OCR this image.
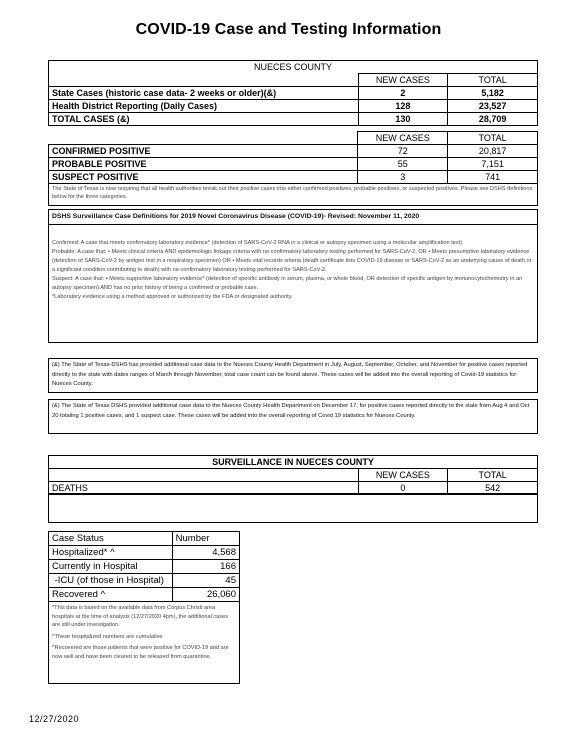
COVID-19 Case and Testing Information
NUECES COUNTY		
	NEW CASES	TOTAL
State Cases (historic case data- 2 weeks or older)(&)	2	5,182
Health District Reporting (Daily Cases)	128	23,527
TOTAL CASES (&)	130	28,709
	NEW CASES	TOTAL
CONFIRMED POSITIVE	72	20,817
PROBABLE POSITIVE	55	7,151
SUSPECT POSITIVE	3	741
The State of Texas is now requiring that all health authorities break out their positive cases into either confirmed positives, probable positives, or suspected positives. Please see DSHS definitions below for the three categories.

DSHS Surveillance Case Definitions for 2019 Novel Coronavirus Disease (COVID-19)- Revised: November 11, 2020

Confirmed: A case that meets confirmatory laboratory evidence* (detection of SARS-CoV-2 RNA in a clinical or autopsy specimen using a molecular amplification test)

Probable: A case that: • Meets clinical criteria AND epidemiologic linkage criteria with no confirmatory laboratory testing performed for SARS-CoV-2, OR • Meets presumptive laboratory evidence (detection of SARS-CoV-2 by antigen test in a respiratory specimen) OR • Meets vital records criteria (death certificate lists COVID-19 disease or SARS-CoV-2 as an underlying cause of death or a significant condition contributing to death) with no confirmatory laboratory testing performed for SARS-CoV-2.

Suspect: A case that: • Meets supportive laboratory evidence* (detection of specific antibody in serum, plasma, or whole blood, OR detection of specific antigen by immunocytochemistry in an autopsy specimen) AND has no prior history of being a confirmed or probable case.

*Laboratory evidence using a method approved or authorized by the FDA or designated authority.

(&) The State of Texas-DSHS has provided additional case data to the Nueces County Health Department in July, August, September, October, and November for positive cases reported directly to the state with dates ranges of March through November, total case count can be found above. These cases will be added into the overall reporting of Covid-19 statistics for Nueces County.
(&) The State of Texas DSHS provided additional case data to the Nueces County Health Department on December 17, for positive cases reported directly to the state from Aug 4 and Oct 20 totaling 1 positive cases, and 1 suspect case. These cases will be added into the overall reporting of Covid 19 statistics for Nueces County.
SURVEILLANCE IN NUECES COUNTY		
	NEW CASES	TOTAL
DEATHS	0	542
Case Status	Number
Hospitalized* ^	4,568
Currently in Hospital	166
-ICU (of those in Hospital)	45
Recovered ^	26,060

*This data is based on the available data from Corpus Christi area hospitals at the time of analysis (12/27/2020 4pm), the additional cases are still under investigation.

^These hospitalized numbers are cumulative

^Recovered are those patients that were positive for COVID-19 and are now well and have been cleared to be released from quarantine.

12/27/2020
